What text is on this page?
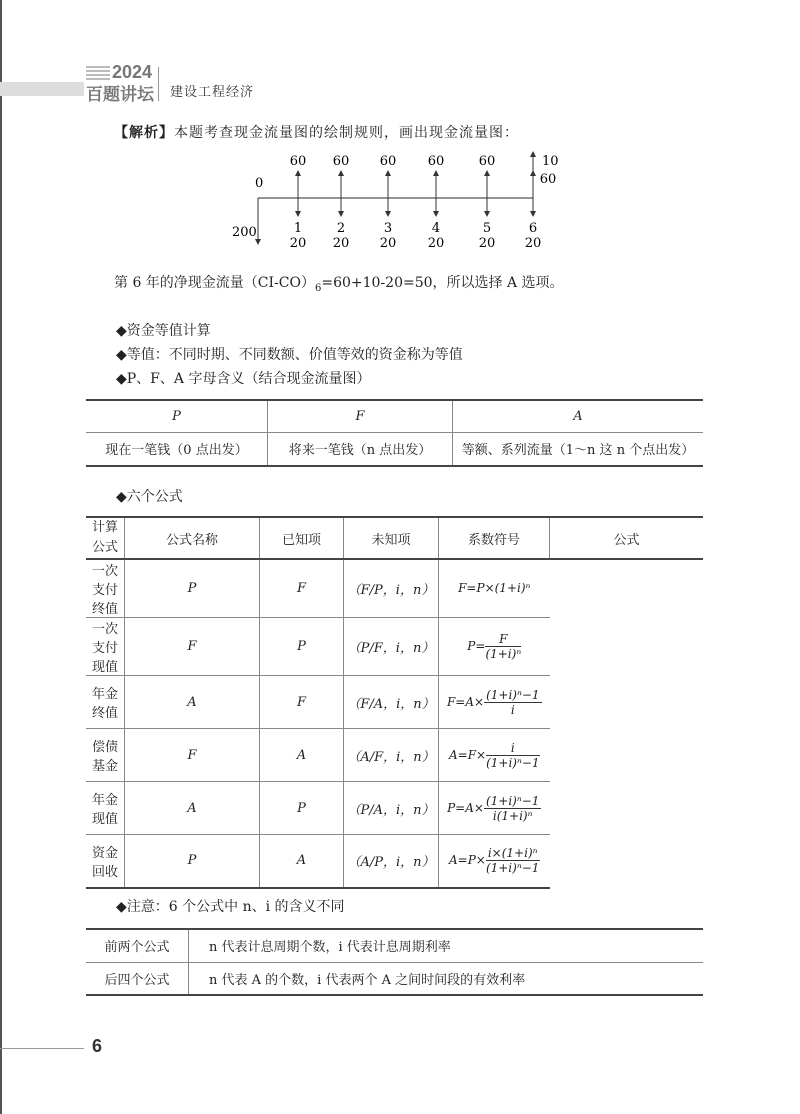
2024
百题讲坛 建设工程经济
【解析】本题考查现金流量图的绘制规则，画出现金流量图：
0
200
10
60
1
20
60
2
20
60
3
20
60
4
20
60
5
20
60
6
20
第 6 年的净现金流量$(CI-CO)_6=60+10-20=50$，所以选择 A 选项。
◆资金等值计算
◆等值：不同时期、不同数额、价值等效的资金称为等值
◆P、F、A 字母含义（结合现金流量图）
P	F	A
现在一笔钱（0 点出发）	将来一笔钱（n 点出发）	等额、系列流量（1～n 这 n 个点出发）
◆六个公式
计算公式	公式名称	已知项	未知项	系数符号	公式
一次支付终值	P	F	（F/P，i，n）	F=P×(1+i)ⁿ	
一次支付现值	F	P	（P/F，i，n）	$P= \frac{F}{\text{(1+i)ⁿ}}$

年金终值	A	F	（F/A，i，n）	$F=A\times \frac{\text{(1+i)ⁿ−1}}{i}$

偿债基金	F	A	（A/F，i，n）	$A=F\times \frac{i}{\text{(1+i)ⁿ−1}}$

年金现值	A	P	（P/A，i，n）	$P=A\times \frac{\text{(1+i)ⁿ−1}}{\text{i(1+i)ⁿ}}$

资金回收	P	A	（A/P，i，n）	$A=P\times \frac{\text{i×(1+i)ⁿ}}{\text{(1+i)ⁿ−1}}$
◆注意：6 个公式中 n、i 的含义不同
前两个公式	n 代表计息周期个数，i 代表计息周期利率
后四个公式	n 代表 A 的个数，i 代表两个 A 之间时间段的有效利率
6
